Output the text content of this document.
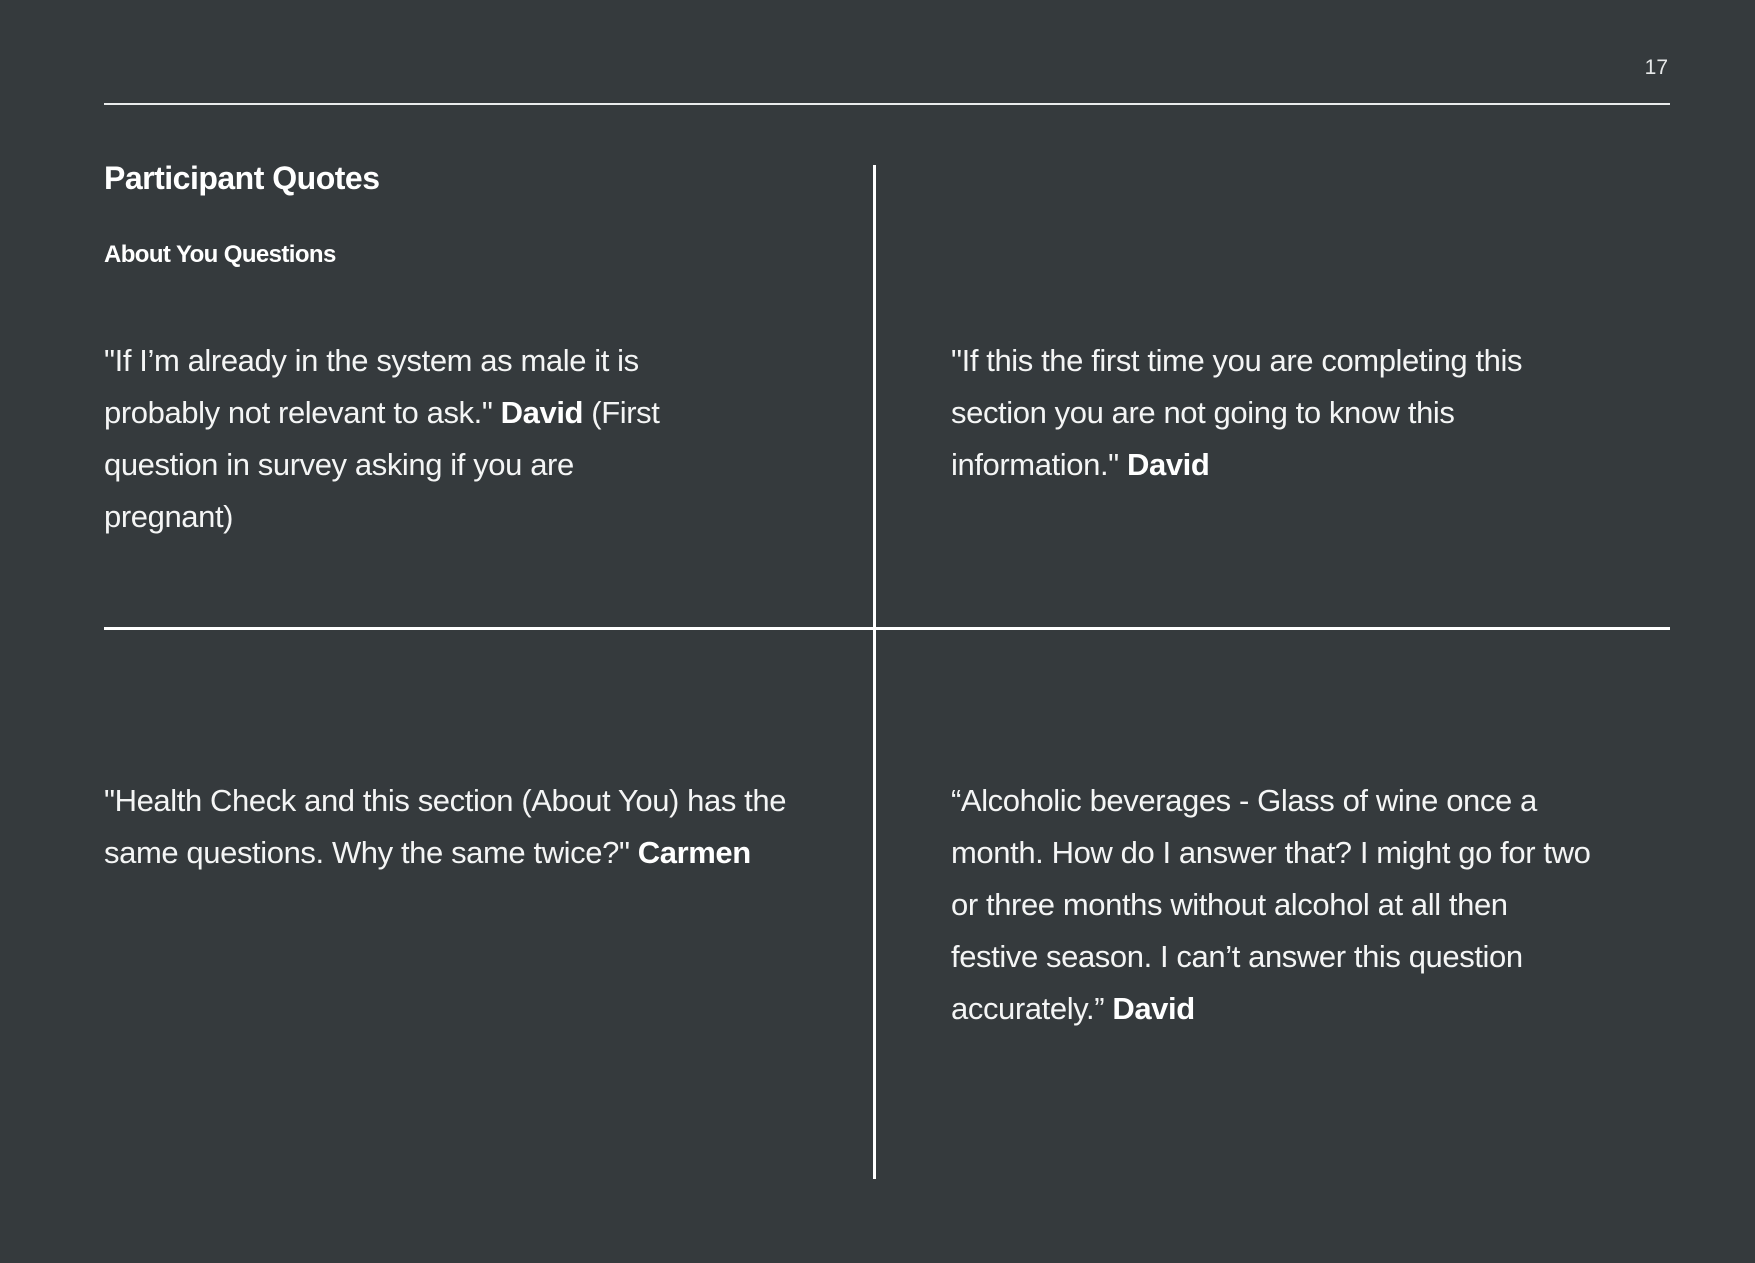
17
Participant Quotes
About You Questions

"If I’m already in the system as male it is probably not relevant to ask." David (First question in survey asking if you are pregnant)

"If this the first time you are completing this section you are not going to know this information." David

"Health Check and this section (About You) has the same questions. Why the same twice?" Carmen

“Alcoholic beverages - Glass of wine once a month. How do I answer that? I might go for two or three months without alcohol at all then festive season. I can’t answer this question accurately.” David
